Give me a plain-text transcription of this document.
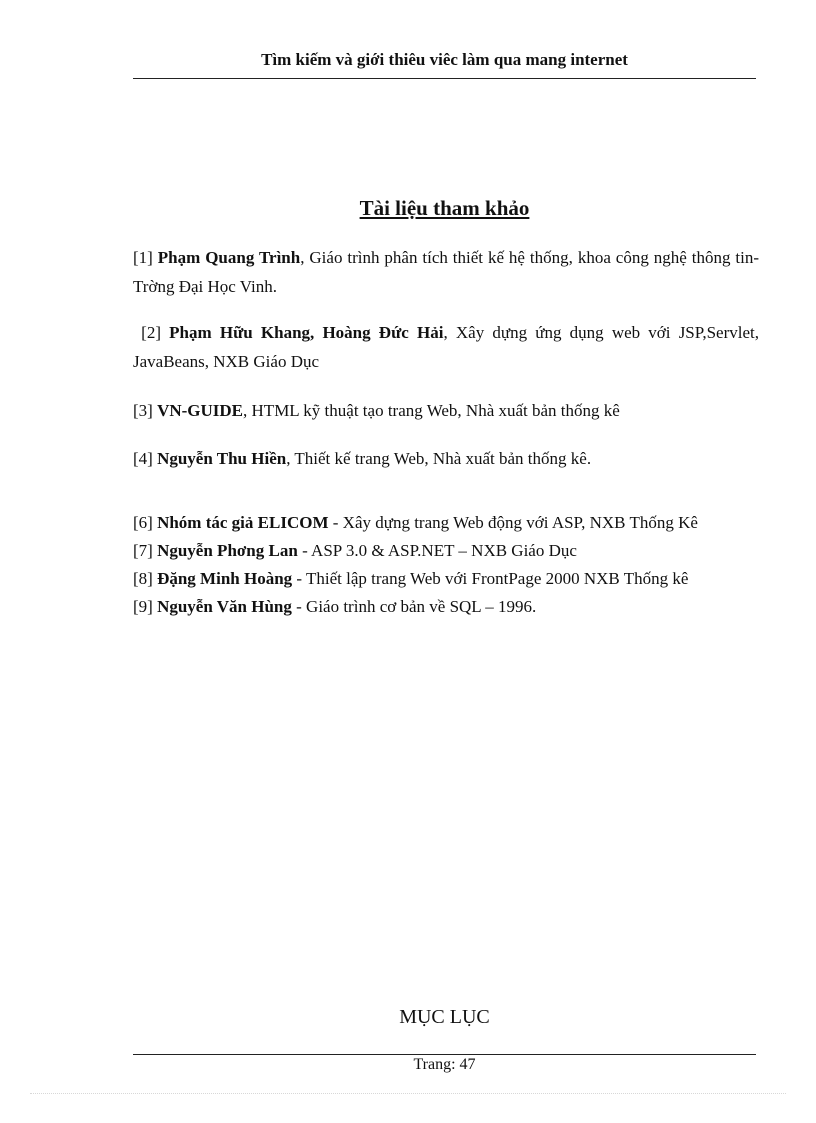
Tìm kiếm và giới thiêu viêc làm qua mang internet
Tài liệu tham khảo

[1] Phạm Quang Trình, Giáo trình phân tích thiết kế hệ thống, khoa công nghệ thông tin-Trờng Đại Học Vinh.

[2] Phạm Hữu Khang, Hoàng Đức Hải, Xây dựng ứng dụng web với JSP,Servlet, JavaBeans, NXB Giáo Dục

[3] VN-GUIDE, HTML kỹ thuật tạo trang Web, Nhà xuất bản thống kê

[4] Nguyễn Thu Hiền, Thiết kế trang Web, Nhà xuất bản thống kê.

[6] Nhóm tác giả ELICOM - Xây dựng trang Web động với ASP, NXB Thống Kê

[7] Nguyễn Phơng Lan - ASP 3.0 & ASP.NET – NXB Giáo Dục

[8] Đặng Minh Hoàng - Thiết lập trang Web với FrontPage 2000 NXB Thống kê

[9] Nguyễn Văn Hùng - Giáo trình cơ bản về SQL – 1996.

MỤC LỤC
Trang: 47
